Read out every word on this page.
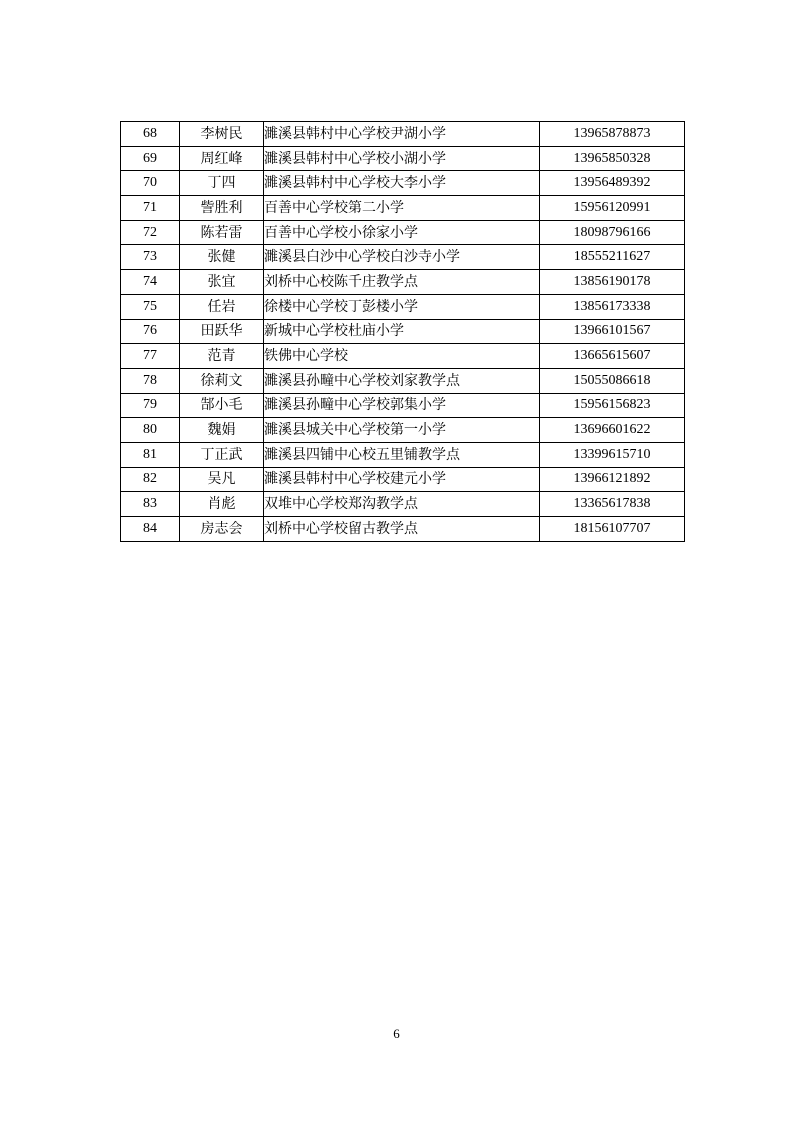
68	李树民	濉溪县韩村中心学校尹湖小学	13965878873
69	周红峰	濉溪县韩村中心学校小湖小学	13965850328
70	丁四	濉溪县韩村中心学校大李小学	13956489392
71	訾胜利	百善中心学校第二小学	15956120991
72	陈若雷	百善中心学校小徐家小学	18098796166
73	张健	濉溪县白沙中心学校白沙寺小学	18555211627
74	张宜	刘桥中心校陈千庄教学点	13856190178
75	任岩	徐楼中心学校丁彭楼小学	13856173338
76	田跃华	新城中心学校杜庙小学	13966101567
77	范青	铁佛中心学校	13665615607
78	徐莉文	濉溪县孙疃中心学校刘家教学点	15055086618
79	郜小毛	濉溪县孙疃中心学校郭集小学	15956156823
80	魏娟	濉溪县城关中心学校第一小学	13696601622
81	丁正武	濉溪县四铺中心校五里铺教学点	13399615710
82	吴凡	濉溪县韩村中心学校建元小学	13966121892
83	肖彪	双堆中心学校郑沟教学点	13365617838
84	房志会	刘桥中心学校留古教学点	18156107707
6
